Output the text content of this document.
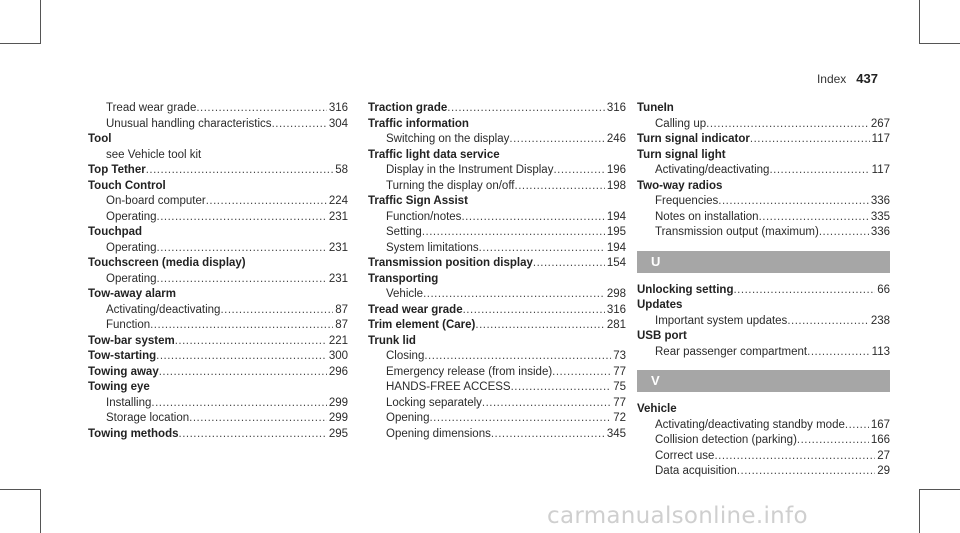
Index 437
Tread wear grade .....	316
Unusual handling characteristics .....	304
Tool
see Vehicle tool kit
Top Tether .....	58
Touch Control
On-board computer .....	224
Operating .....	231
Touchpad
Operating .....	231
Touchscreen (media display)
Operating .....	231
Tow-away alarm
Activating/deactivating .....	87
Function .....	87
Tow-bar system .....	221
Tow-starting .....	300
Towing away .....	296
Towing eye
Installing .....	299
Storage location .....	299
Towing methods .....	295
Traction grade .....	316
Traffic information
Switching on the display .....	246
Traffic light data service
Display in the Instrument Display .....	196
Turning the display on/off .....	198
Traffic Sign Assist
Function/notes .....	194
Setting .....	195
System limitations .....	194
Transmission position display .....	154
Transporting
Vehicle .....	298
Tread wear grade .....	316
Trim element (Care) .....	281
Trunk lid
Closing .....	73
Emergency release (from inside) .....	77
HANDS-FREE ACCESS .....	75
Locking separately .....	77
Opening .....	72
Opening dimensions .....	345
TuneIn
Calling up .....	267
Turn signal indicator .....	117
Turn signal light
Activating/deactivating .....	117
Two-way radios
Frequencies .....	336
Notes on installation .....	335
Transmission output (maximum) .....	336
U
Unlocking setting .....	66
Updates
Important system updates .....	238
USB port
Rear passenger compartment .....	113
V
Vehicle
Activating/deactivating standby mode ..... 167
Collision detection (parking) .....	166
Correct use .....	27
Data acquisition .....	29
carmanualsonline.info
